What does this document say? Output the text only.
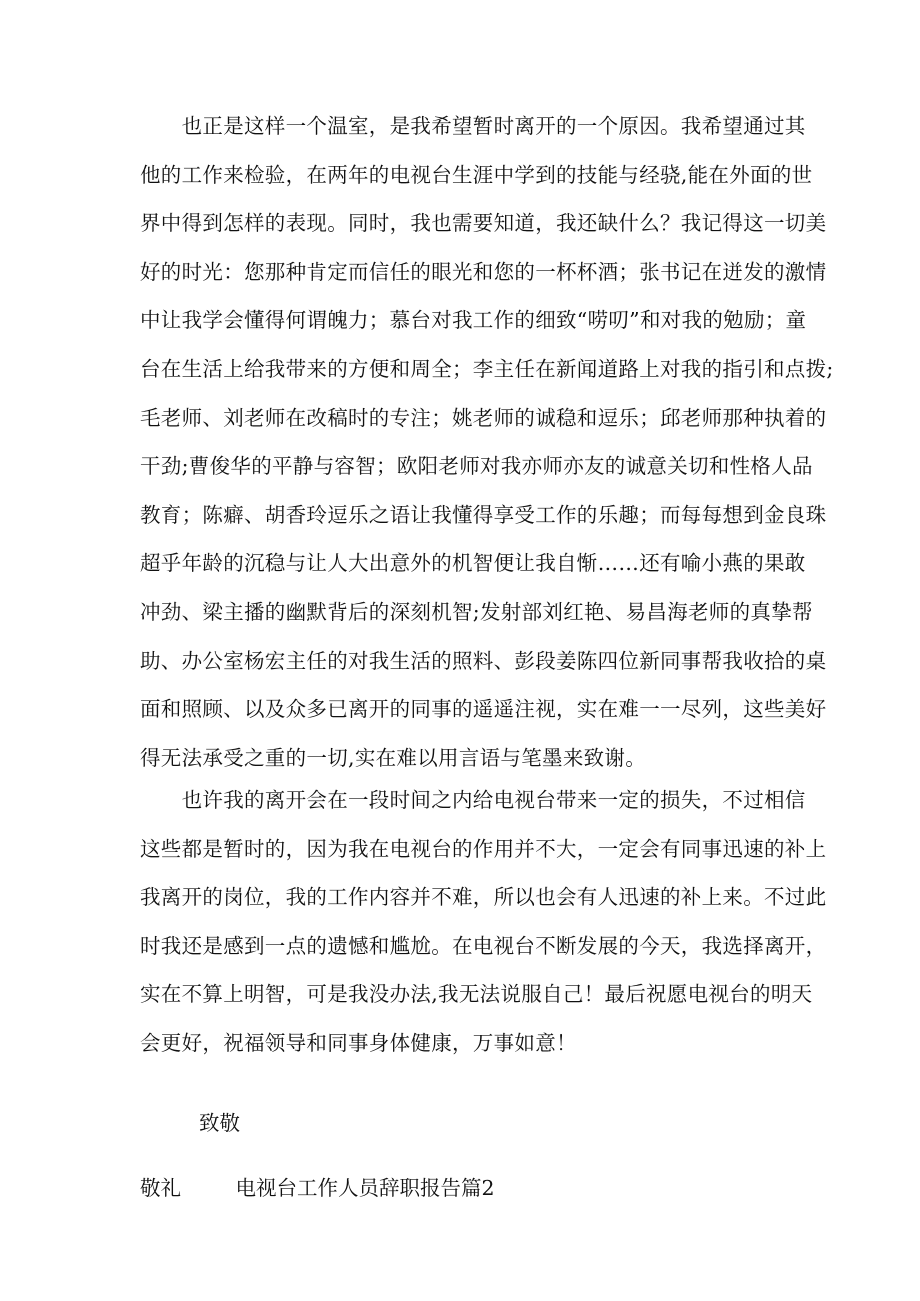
　　也正是这样一个温室，是我希望暂时离开的一个原因。我希望通过其
他的工作来检验，在两年的电视台生涯中学到的技能与经骁,能在外面的世
界中得到怎样的表现。同时，我也需要知道，我还缺什么？我记得这一切美
好的时光：您那种肯定而信任的眼光和您的一杯杯酒；张书记在迸发的激情
中让我学会懂得何谓魄力；慕台对我工作的细致“唠叨”和对我的勉励；童
台在生活上给我带来的方便和周全；李主任在新闻道路上对我的指引和点拨;
毛老师、刘老师在改稿时的专注；姚老师的诚稳和逗乐；邱老师那种执着的
干劲;曹俊华的平静与容智；欧阳老师对我亦师亦友的诚意关切和性格人品
教育；陈癖、胡香玲逗乐之语让我懂得享受工作的乐趣；而每每想到金良珠
超乎年龄的沉稳与让人大出意外的机智便让我自惭……还有喻小燕的果敢
冲劲、梁主播的幽默背后的深刻机智;发射部刘红艳、易昌海老师的真挚帮
助、办公室杨宏主任的对我生活的照料、彭段姜陈四位新同事帮我收拾的桌
面和照顾、以及众多已离开的同事的遥遥注视，实在难一一尽列，这些美好
得无法承受之重的一切,实在难以用言语与笔墨来致谢。
　　也许我的离开会在一段时间之内给电视台带来一定的损失，不过相信
这些都是暂时的，因为我在电视台的作用并不大，一定会有同事迅速的补上
我离开的岗位，我的工作内容并不难，所以也会有人迅速的补上来。不过此
时我还是感到一点的遗憾和尴尬。在电视台不断发展的今天，我选择离开，
实在不算上明智，可是我没办法,我无法说服自己！最后祝愿电视台的明天
会更好，祝福领导和同事身体健康，万事如意！
致敬
敬礼	电视台工作人员辞职报告篇2
